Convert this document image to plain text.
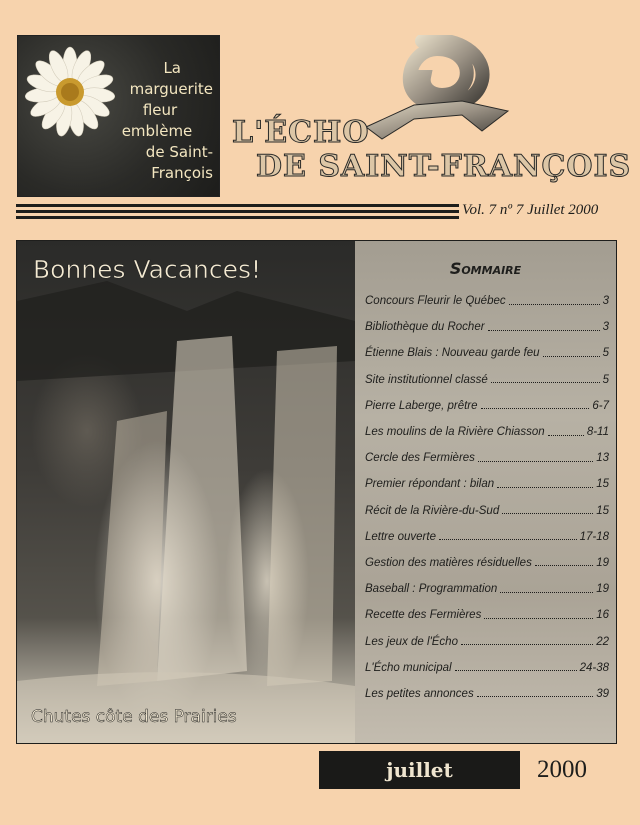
La
marguerite
fleur
emblème
de Saint-François
L'ÉCHO
DE SAINT-FRANÇOIS
Vol. 7 nº 7 Juillet 2000
Bonnes Vacances!
Chutes côte des Prairies
Sommaire
Concours Fleurir le Québec	3
Bibliothèque du Rocher	3
Étienne Blais : Nouveau garde feu	5
Site institutionnel classé	5
Pierre Laberge, prêtre	6-7
Les moulins de la Rivière Chiasson	8-11
Cercle des Fermières	13
Premier répondant : bilan	15
Récit de la Rivière-du-Sud	15
Lettre ouverte	17-18
Gestion des matières résiduelles	19
Baseball : Programmation	19
Recette des Fermières	16
Les jeux de l'Écho	22
L'Écho municipal	24-38
Les petites annonces	39
juillet	2000
